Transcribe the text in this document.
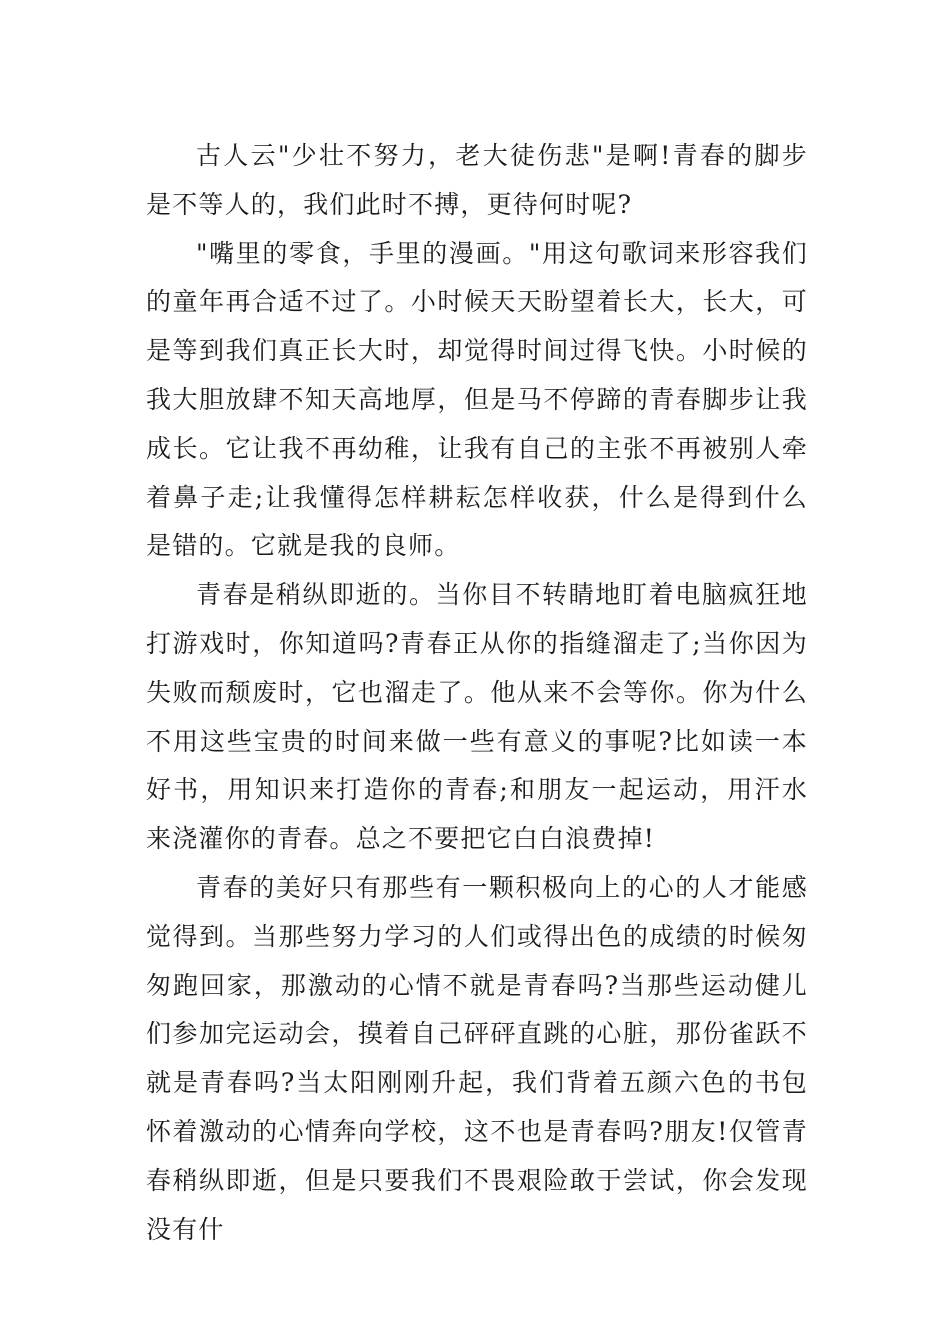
古人云"少壮不努力，老大徒伤悲"是啊!青春的脚步是不等人的，我们此时不搏，更待何时呢?

"嘴里的零食，手里的漫画。"用这句歌词来形容我们的童年再合适不过了。小时候天天盼望着长大，长大，可是等到我们真正长大时，却觉得时间过得飞快。小时候的我大胆放肆不知天高地厚，但是马不停蹄的青春脚步让我成长。它让我不再幼稚，让我有自己的主张不再被别人牵着鼻子走;让我懂得怎样耕耘怎样收获，什么是得到什么是错的。它就是我的良师。

青春是稍纵即逝的。当你目不转睛地盯着电脑疯狂地打游戏时，你知道吗?青春正从你的指缝溜走了;当你因为失败而颓废时，它也溜走了。他从来不会等你。你为什么不用这些宝贵的时间来做一些有意义的事呢?比如读一本好书，用知识来打造你的青春;和朋友一起运动，用汗水来浇灌你的青春。总之不要把它白白浪费掉!

青春的美好只有那些有一颗积极向上的心的人才能感觉得到。当那些努力学习的人们或得出色的成绩的时候匆匆跑回家，那激动的心情不就是青春吗?当那些运动健儿们参加完运动会，摸着自己砰砰直跳的心脏，那份雀跃不就是青春吗?当太阳刚刚升起，我们背着五颜六色的书包怀着激动的心情奔向学校，这不也是青春吗?朋友!仅管青春稍纵即逝，但是只要我们不畏艰险敢于尝试，你会发现没有什
